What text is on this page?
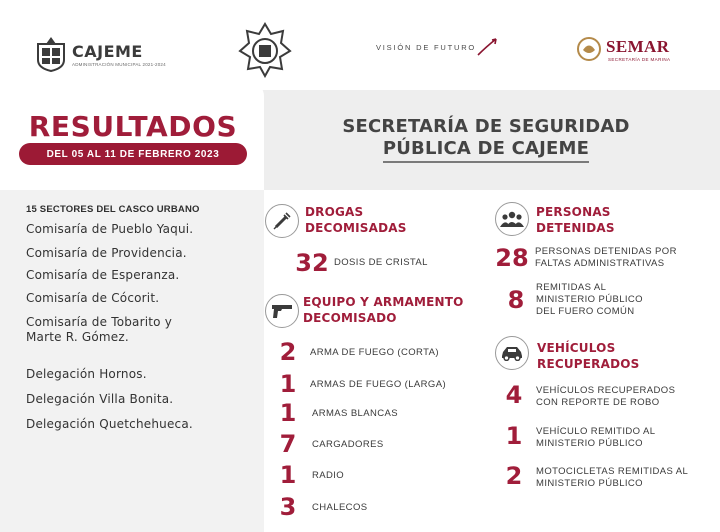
CAJEME
ADMINISTRACIÓN MUNICIPAL 2021-2024
VISIÓN DE FUTURO	SEMAR
SECRETARÍA DE MARINA
RESULTADOS
DEL 05 AL 11 DE FEBRERO 2023
SECRETARÍA DE SEGURIDAD
PÚBLICA DE CAJEME
15 SECTORES DEL CASCO URBANO
Comisaría de Pueblo Yaqui.
Comisaría de Providencia.
Comisaría de Esperanza.
Comisaría de Cócorit.
Comisaría de Tobarito y
Marte R. Gómez.
Delegación Hornos.
Delegación Villa Bonita.
Delegación Quetchehueca.
DROGAS
DECOMISADAS
32 DOSIS DE CRISTAL
EQUIPO Y ARMAMENTO
DECOMISADO
2	ARMA DE FUEGO (CORTA)
1	ARMAS DE FUEGO (LARGA)
1	ARMAS BLANCAS
7	CARGADORES
1	RADIO
3	CHALECOS
PERSONAS
DETENIDAS
28 PERSONAS DETENIDAS POR
FALTAS ADMINISTRATIVAS
8	REMITIDAS AL
MINISTERIO PÚBLICO
DEL FUERO COMÚN
VEHÍCULOS
RECUPERADOS
4	VEHÍCULOS RECUPERADOS
CON REPORTE DE ROBO
1	VEHÍCULO REMITIDO AL
MINISTERIO PÚBLICO
2	MOTOCICLETAS REMITIDAS AL
MINISTERIO PÚBLICO
